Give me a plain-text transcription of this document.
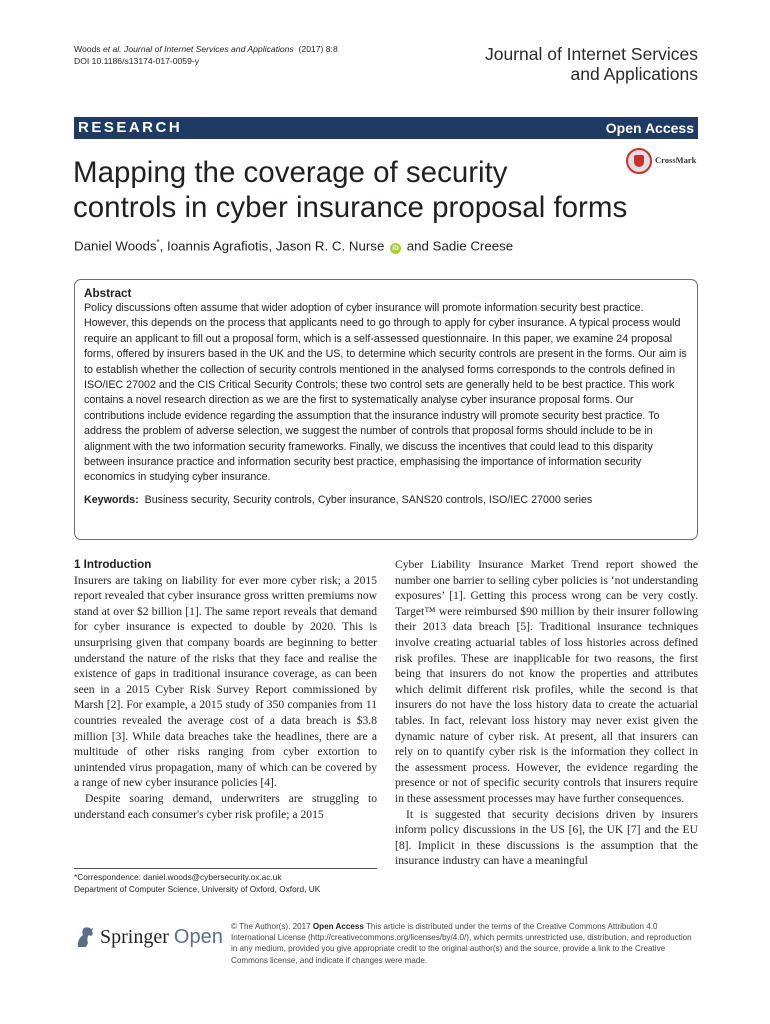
Woods et al. Journal of Internet Services and Applications (2017) 8:8
DOI 10.1186/s13174-017-0059-y	Journal of Internet Services
and Applications
RESEARCH	Open Access
CrossMark
Mapping the coverage of security
controls in cyber insurance proposal forms
Daniel Woods*, Ioannis Agrafiotis, Jason R. C. Nurse iD and Sadie Creese
Abstract
Policy discussions often assume that wider adoption of cyber insurance will promote information security best practice. However, this depends on the process that applicants need to go through to apply for cyber insurance. A typical process would require an applicant to fill out a proposal form, which is a self-assessed questionnaire. In this paper, we examine 24 proposal forms, offered by insurers based in the UK and the US, to determine which security controls are present in the forms. Our aim is to establish whether the collection of security controls mentioned in the analysed forms corresponds to the controls defined in ISO/IEC 27002 and the CIS Critical Security Controls; these two control sets are generally held to be best practice. This work contains a novel research direction as we are the first to systematically analyse cyber insurance proposal forms. Our contributions include evidence regarding the assumption that the insurance industry will promote security best practice. To address the problem of adverse selection, we suggest the number of controls that proposal forms should include to be in alignment with the two information security frameworks. Finally, we discuss the incentives that could lead to this disparity between insurance practice and information security best practice, emphasising the importance of information security economics in studying cyber insurance.
Keywords: Business security, Security controls, Cyber insurance, SANS20 controls, ISO/IEC 27000 series
1 Introduction

Insurers are taking on liability for ever more cyber risk; a 2015 report revealed that cyber insurance gross written premiums now stand at over $2 billion [1]. The same report reveals that demand for cyber insurance is expected to double by 2020. This is unsurprising given that company boards are beginning to better understand the nature of the risks that they face and realise the existence of gaps in traditional insurance coverage, as can been seen in a 2015 Cyber Risk Survey Report commissioned by Marsh [2]. For example, a 2015 study of 350 companies from 11 countries revealed the average cost of a data breach is $3.8 million [3]. While data breaches take the headlines, there are a multitude of other risks ranging from cyber extortion to unintended virus propagation, many of which can be covered by a range of new cyber insurance policies [4].

Despite soaring demand, underwriters are struggling to understand each consumer's cyber risk profile; a 2015

Cyber Liability Insurance Market Trend report showed the number one barrier to selling cyber policies is ‘not understanding exposures’ [1]. Getting this process wrong can be very costly. Target™ were reimbursed $90 million by their insurer following their 2013 data breach [5]. Traditional insurance techniques involve creating actuarial tables of loss histories across defined risk profiles. These are inapplicable for two reasons, the first being that insurers do not know the properties and attributes which delimit different risk profiles, while the second is that insurers do not have the loss history data to create the actuarial tables. In fact, relevant loss history may never exist given the dynamic nature of cyber risk. At present, all that insurers can rely on to quantify cyber risk is the information they collect in the assessment process. However, the evidence regarding the presence or not of specific security controls that insurers require in these assessment processes may have further consequences.

It is suggested that security decisions driven by insurers inform policy discussions in the US [6], the UK [7] and the EU [8]. Implicit in these discussions is the assumption that the insurance industry can have a meaningful

*Correspondence: daniel.woods@cybersecurity.ox.ac.uk
Department of Computer Science, University of Oxford, Oxford, UK
Springer Open © The Author(s). 2017 Open Access This article is distributed under the terms of the Creative Commons Attribution 4.0 International License (http://creativecommons.org/licenses/by/4.0/), which permits unrestricted use, distribution, and reproduction in any medium, provided you give appropriate credit to the original author(s) and the source, provide a link to the Creative Commons license, and indicate if changes were made.
